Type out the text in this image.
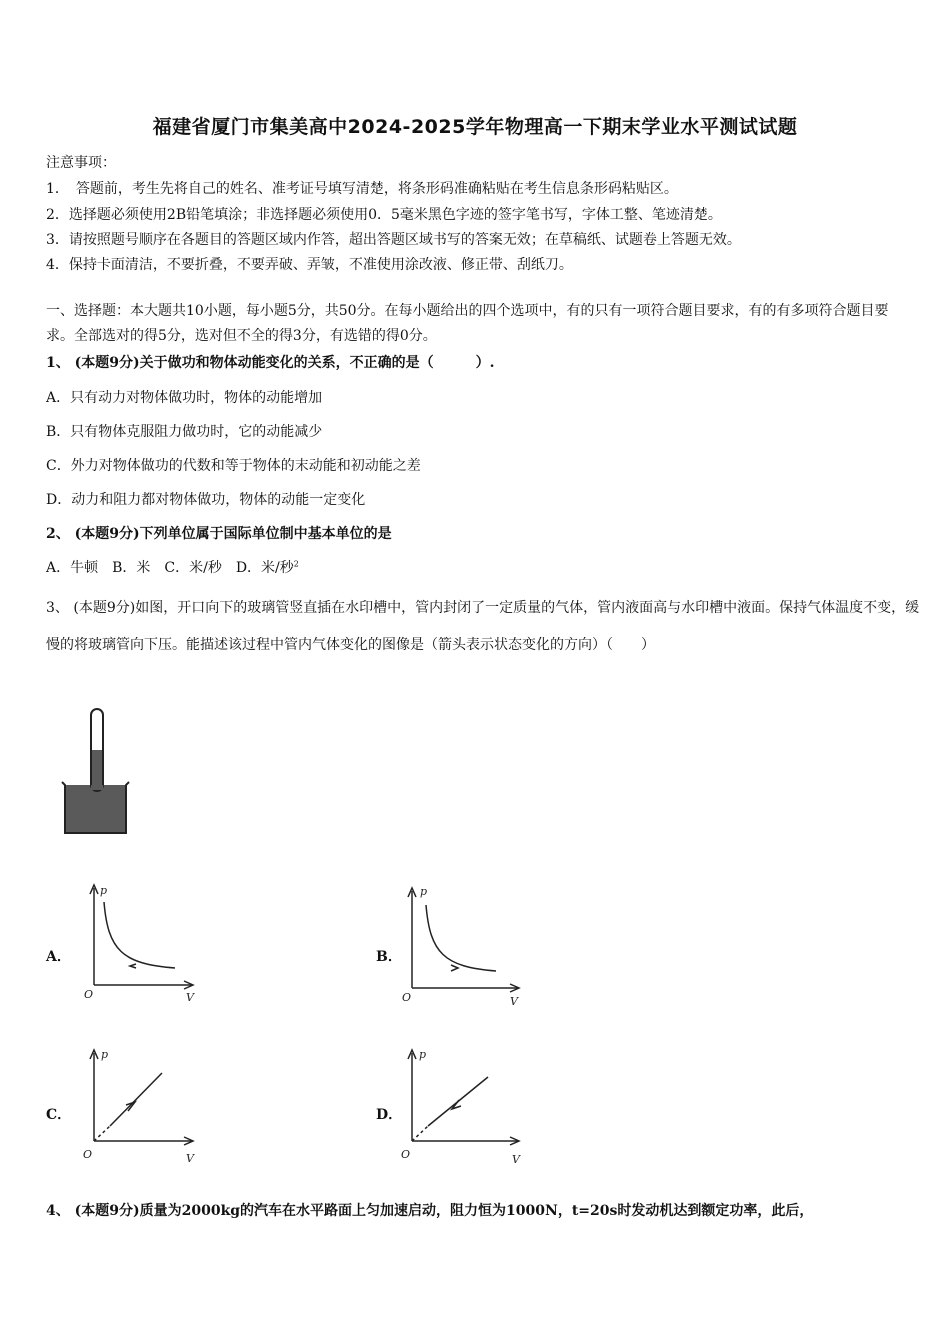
福建省厦门市集美高中2024-2025学年物理高一下期末学业水平测试试题
注意事项：
1．　答题前，考生先将自己的姓名、准考证号填写清楚，将条形码准确粘贴在考生信息条形码粘贴区。
2．选择题必须使用2B铅笔填涂；非选择题必须使用0．5毫米黑色字迹的签字笔书写，字体工整、笔迹清楚。
3．请按照题号顺序在各题目的答题区域内作答，超出答题区域书写的答案无效；在草稿纸、试题卷上答题无效。
4．保持卡面清洁，不要折叠，不要弄破、弄皱，不准使用涂改液、修正带、刮纸刀。
一、选择题：本大题共10小题，每小题5分，共50分。在每小题给出的四个选项中，有的只有一项符合题目要求，有的有多项符合题目要求。全部选对的得5分，选对但不全的得3分，有选错的得0分。
1、 (本题9分)关于做功和物体动能变化的关系，不正确的是（　　　）.
A．只有动力对物体做功时，物体的动能增加
B．只有物体克服阻力做功时，它的动能减少
C．外力对物体做功的代数和等于物体的末动能和初动能之差
D．动力和阻力都对物体做功，物体的动能一定变化
2、 (本题9分)下列单位属于国际单位制中基本单位的是
A．牛顿　B．米　C．米/秒　D．米/秒$^2$
3、 (本题9分)如图，开口向下的玻璃管竖直插在水印槽中，管内封闭了一定质量的气体，管内液面高与水印槽中液面。保持气体温度不变，缓慢的将玻璃管向下压。能描述该过程中管内气体变化的图像是（箭头表示状态变化的方向）（　　）
A．
p
V
O
B．
p
V
O
C．
p
V
O
D．
p
V
O
4、 (本题9分)质量为2000kg的汽车在水平路面上匀加速启动，阻力恒为1000N，t=20s时发动机达到额定功率，此后，
